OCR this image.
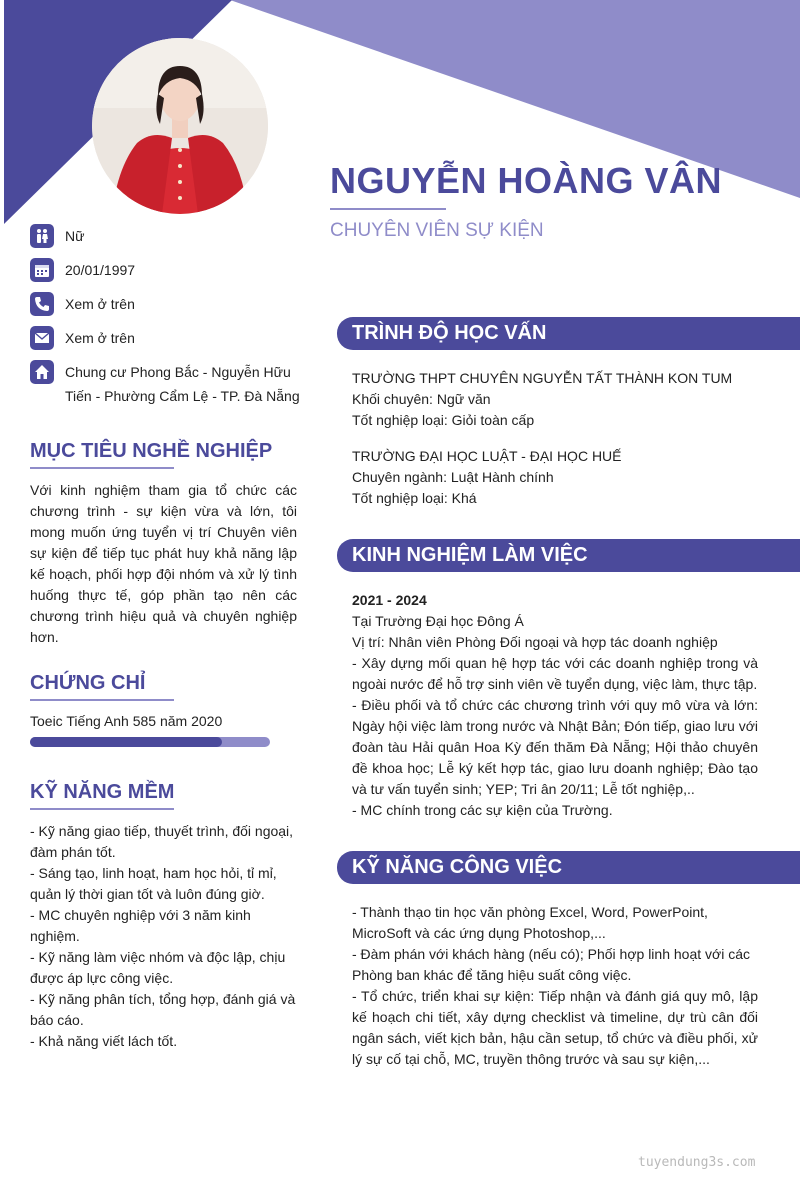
NGUYỄN HOÀNG VÂN
CHUYÊN VIÊN SỰ KIỆN
Nữ
20/01/1997
Xem ở trên
Xem ở trên
Chung cư Phong Bắc - Nguyễn Hữu
Tiến - Phường Cẩm Lệ - TP. Đà Nẵng
MỤC TIÊU NGHỀ NGHIỆP
Với kinh nghiệm tham gia tổ chức các chương trình - sự kiện vừa và lớn, tôi mong muốn ứng tuyển vị trí Chuyên viên sự kiện để tiếp tục phát huy khả năng lập kế hoạch, phối hợp đội nhóm và xử lý tình huống thực tế, góp phần tạo nên các chương trình hiệu quả và chuyên nghiệp hơn.
CHỨNG CHỈ
Toeic Tiếng Anh 585 năm 2020
KỸ NĂNG MỀM
- Kỹ năng giao tiếp, thuyết trình, đối ngoại, đàm phán tốt.
- Sáng tạo, linh hoạt, ham học hỏi, tỉ mỉ, quản lý thời gian tốt và luôn đúng giờ.
- MC chuyên nghiệp với 3 năm kinh nghiệm.
- Kỹ năng làm việc nhóm và độc lập, chịu được áp lực công việc.
- Kỹ năng phân tích, tổng hợp, đánh giá và báo cáo.
- Khả năng viết lách tốt.
TRÌNH ĐỘ HỌC VẤN

TRƯỜNG THPT CHUYÊN NGUYỄN TẤT THÀNH KON TUM

Khối chuyên: Ngữ văn

Tốt nghiệp loại: Giỏi toàn cấp

TRƯỜNG ĐẠI HỌC LUẬT - ĐẠI HỌC HUẾ

Chuyên ngành: Luật Hành chính

Tốt nghiệp loại: Khá

KINH NGHIỆM LÀM VIỆC

2021 - 2024

Tại Trường Đại học Đông Á

Vị trí: Nhân viên Phòng Đối ngoại và hợp tác doanh nghiệp

- Xây dựng mối quan hệ hợp tác với các doanh nghiệp trong và ngoài nước để hỗ trợ sinh viên về tuyển dụng, việc làm, thực tập.

- Điều phối và tổ chức các chương trình với quy mô vừa và lớn: Ngày hội việc làm trong nước và Nhật Bản; Đón tiếp, giao lưu với đoàn tàu Hải quân Hoa Kỳ đến thăm Đà Nẵng; Hội thảo chuyên đề khoa học; Lễ ký kết hợp tác, giao lưu doanh nghiệp; Đào tạo và tư vấn tuyển sinh; YEP; Tri ân 20/11; Lễ tốt nghiệp,..

- MC chính trong các sự kiện của Trường.

KỸ NĂNG CÔNG VIỆC

- Thành thạo tin học văn phòng Excel, Word, PowerPoint, MicroSoft và các ứng dụng Photoshop,...

- Đàm phán với khách hàng (nếu có); Phối hợp linh hoạt với các Phòng ban khác để tăng hiệu suất công việc.

- Tổ chức, triển khai sự kiện: Tiếp nhận và đánh giá quy mô, lập kế hoạch chi tiết, xây dựng checklist và timeline, dự trù cân đối ngân sách, viết kịch bản, hậu cần setup, tổ chức và điều phối, xử lý sự cố tại chỗ, MC, truyền thông trước và sau sự kiện,...

tuyendung3s.com
